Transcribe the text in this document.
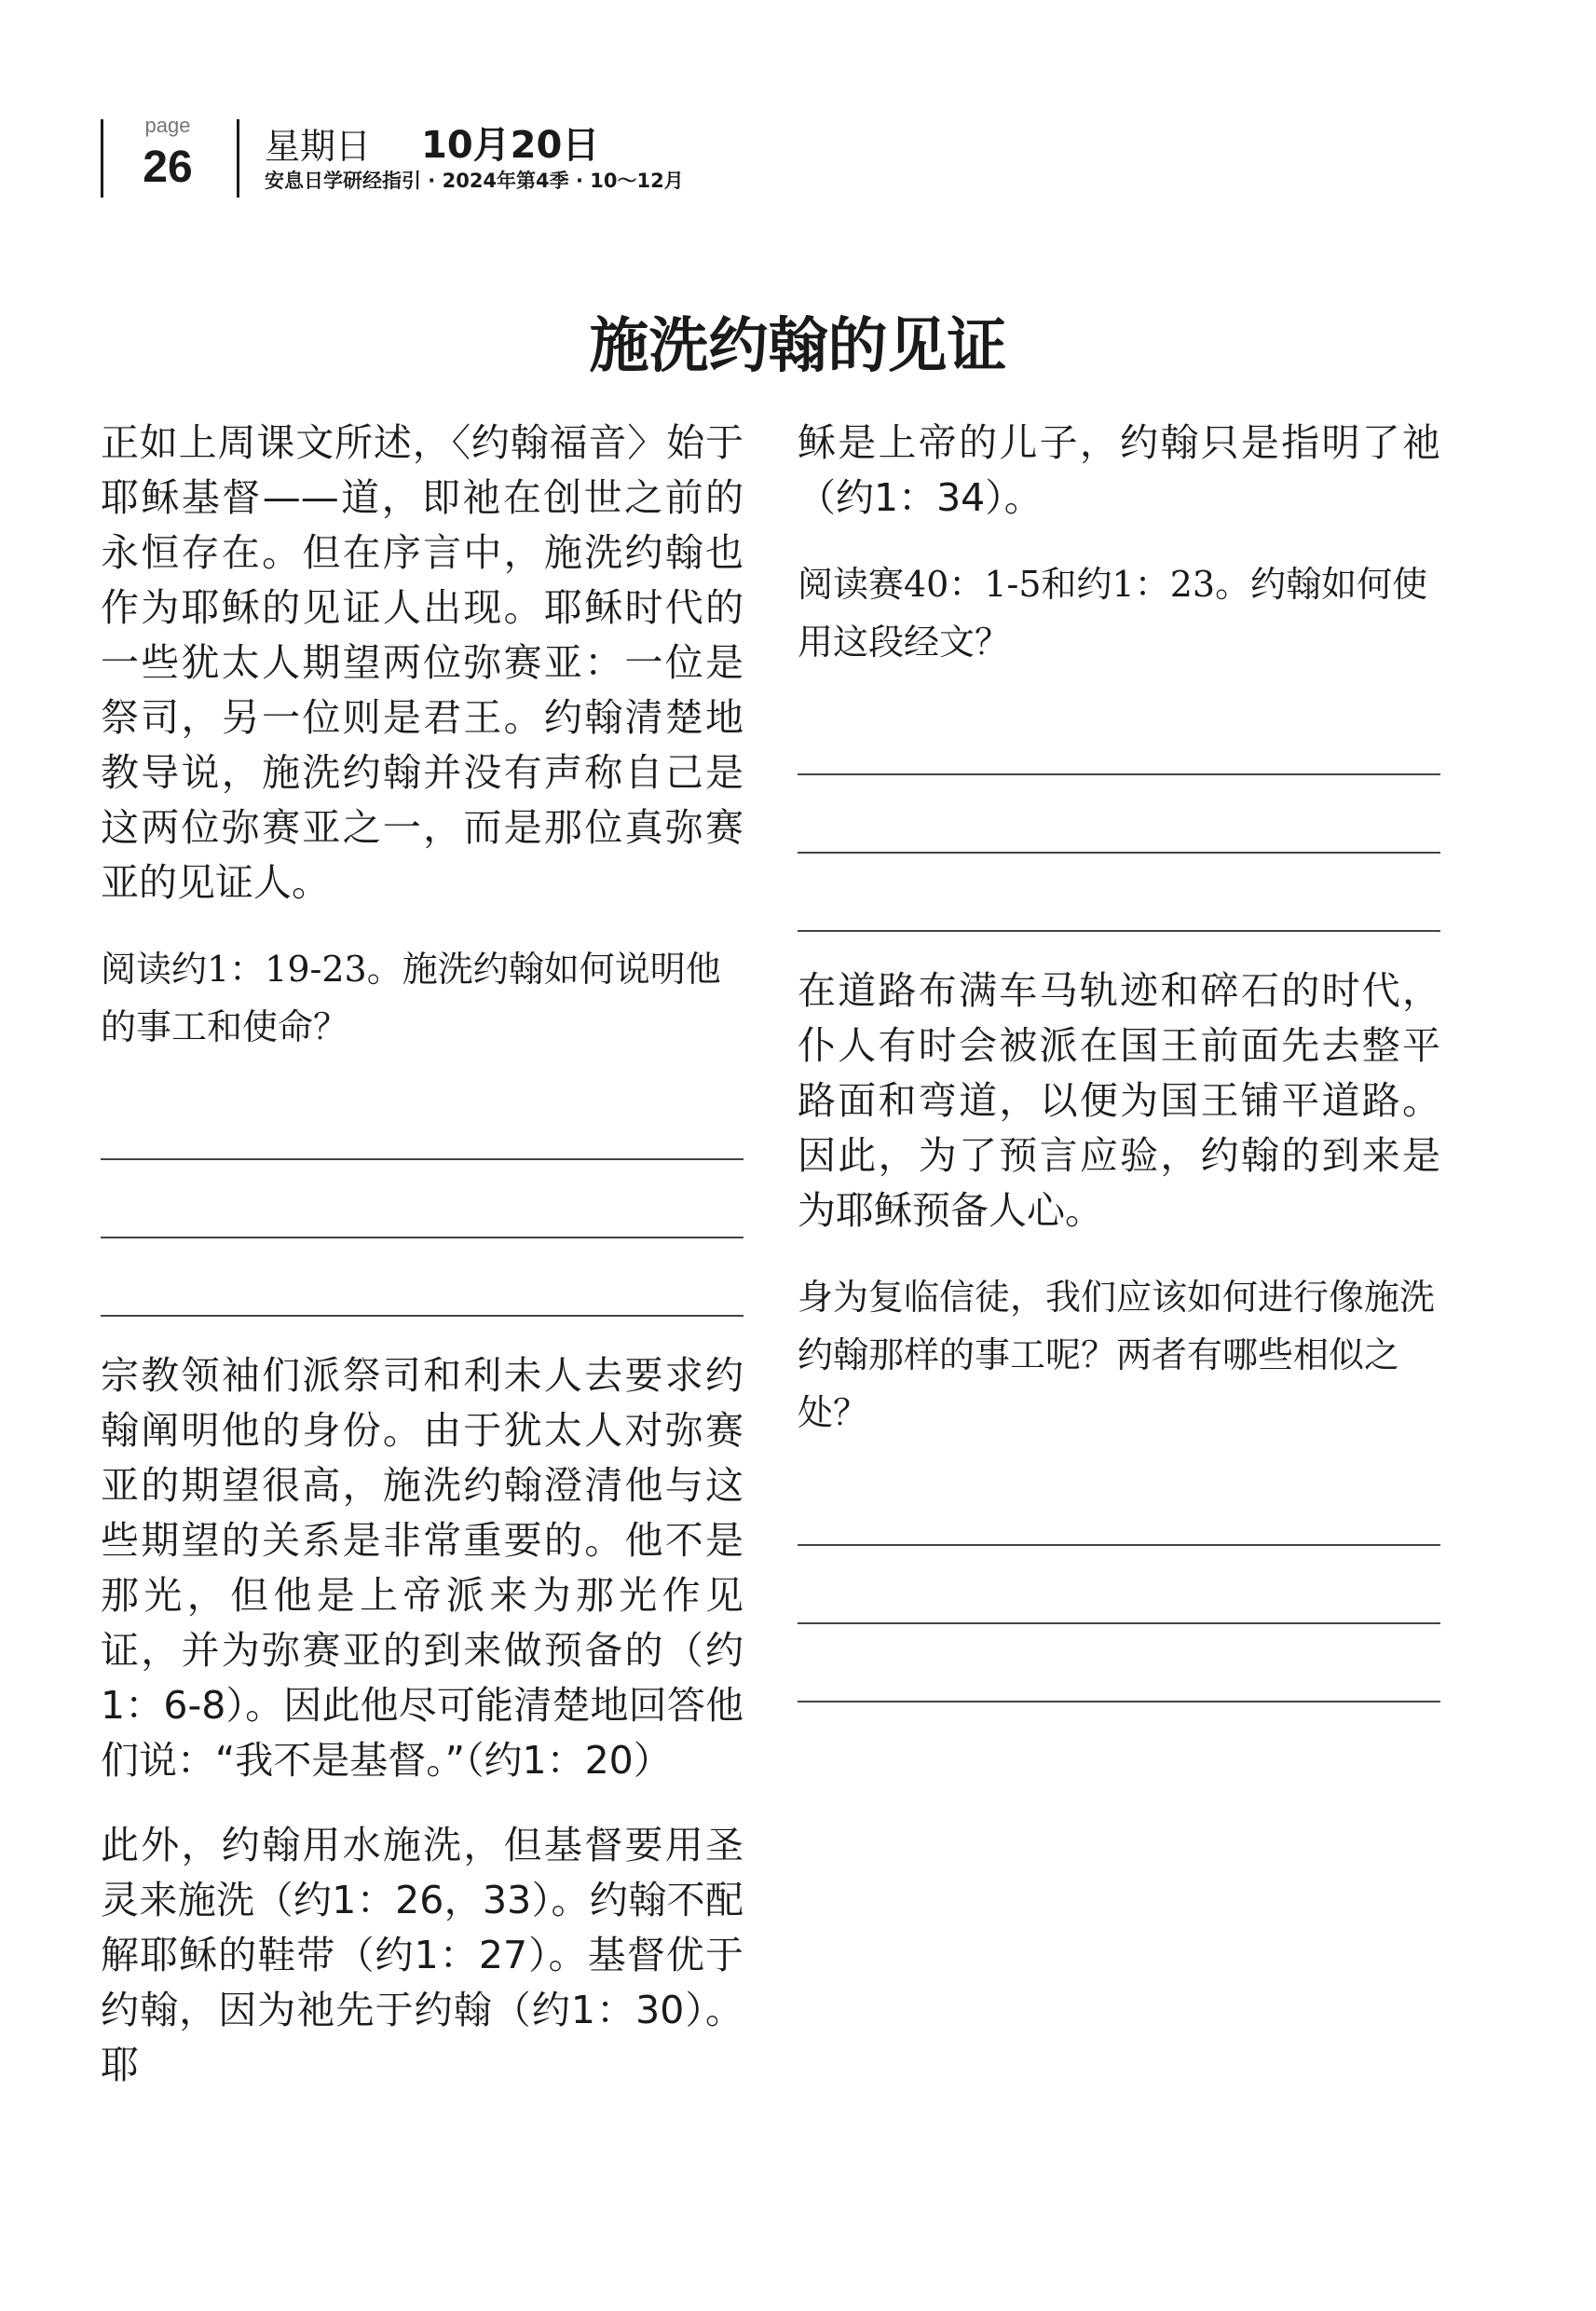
page
26	星期日 10月20日
安息日学研经指引 · 2024年第4季 · 10～12月
施洗约翰的见证

正如上周课文所述，〈约翰福音〉始于耶稣基督——道，即祂在创世之前的永恒存在。但在序言中，施洗约翰也作为耶稣的见证人出现。耶稣时代的一些犹太人期望两位弥赛亚：一位是祭司，另一位则是君王。约翰清楚地教导说，施洗约翰并没有声称自己是这两位弥赛亚之一，而是那位真弥赛亚的见证人。

阅读约1：19-23。施洗约翰如何说明他的事工和使命？

宗教领袖们派祭司和利未人去要求约翰阐明他的身份。由于犹太人对弥赛亚的期望很高，施洗约翰澄清他与这些期望的关系是非常重要的。他不是那光，但他是上帝派来为那光作见证，并为弥赛亚的到来做预备的（约1：6-8）。因此他尽可能清楚地回答他们说：“我不是基督。”（约1：20）

此外，约翰用水施洗，但基督要用圣灵来施洗（约1：26，33）。约翰不配解耶稣的鞋带（约1：27）。基督优于约翰，因为祂先于约翰（约1：30）。耶

稣是上帝的儿子，约翰只是指明了祂（约1：34）。

阅读赛40：1-5和约1：23。约翰如何使用这段经文？

在道路布满车马轨迹和碎石的时代，仆人有时会被派在国王前面先去整平路面和弯道，以便为国王铺平道路。因此，为了预言应验，约翰的到来是为耶稣预备人心。

身为复临信徒，我们应该如何进行像施洗约翰那样的事工呢？两者有哪些相似之处？
